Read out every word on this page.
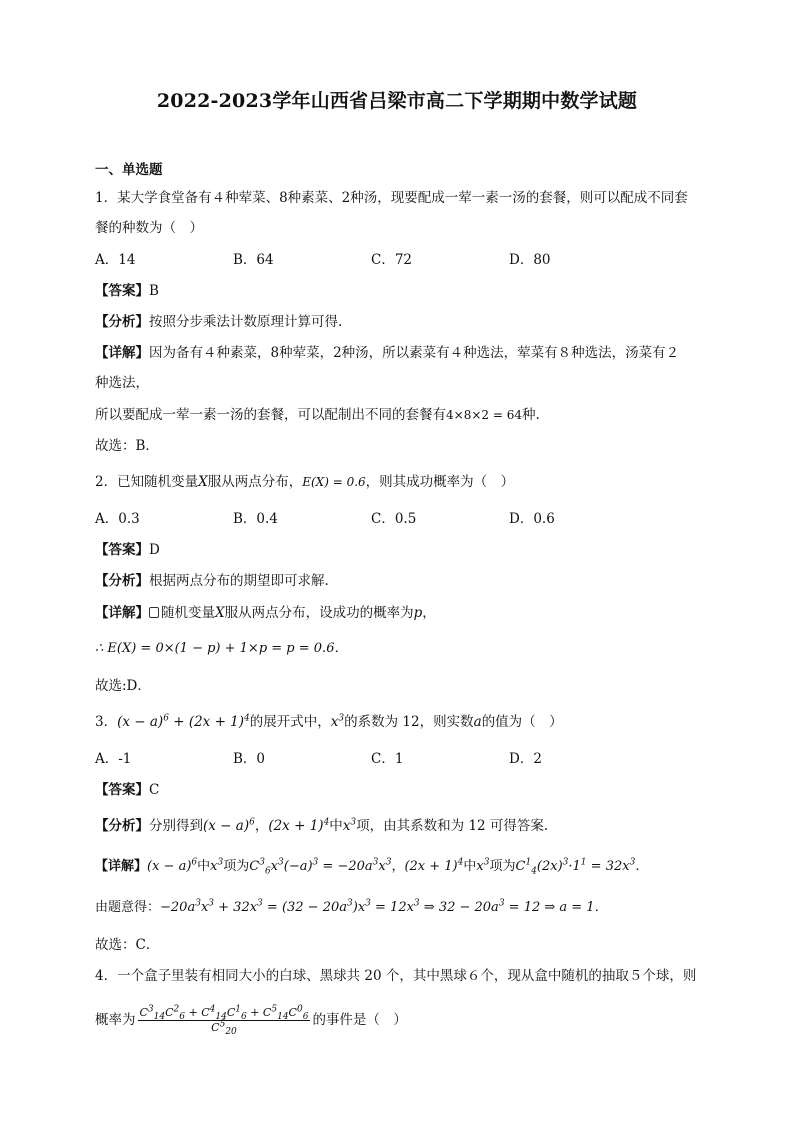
2022-2023学年山西省吕梁市高二下学期期中数学试题
一、单选题
1．某大学食堂备有４种荤菜、8种素菜、2种汤，现要配成一荤一素一汤的套餐，则可以配成不同套
餐的种数为（　）
A．14	B．64	C．72	D．80
【答案】B
【分析】按照分步乘法计数原理计算可得.
【详解】因为备有４种素菜，8种荤菜，2种汤，所以素菜有４种选法，荤菜有８种选法，汤菜有２
种选法，
所以要配成一荤一素一汤的套餐，可以配制出不同的套餐有4×8×2 = 64种.
故选：B．
2．已知随机变量X服从两点分布，E(X) = 0.6，则其成功概率为（　）
A．0.3	B．0.4	C．0.5	D．0.6
【答案】D
【分析】根据两点分布的期望即可求解.
【详解】 随机变量X服从两点分布，设成功的概率为p，
∴ E(X) = 0×(1 − p) + 1×p = p = 0.6．
故选:D．
3．$(x - a)^6 + (2x + 1)^4$的展开式中，$x^3$的系数为 12，则实数a的值为（　）
A．-1	B．0	C．1	D．2
【答案】C
【分析】分别得到$(x - a)^6$，$(2x + 1)^4$中$x^3$项，由其系数和为 12 可得答案.
【详解】$(x - a)^6$中$x^3$项为$C^3_6x^3(-a)^3 = -20a^3x^3$，$(2x + 1)^4$中$x^3$项为$C^1_4(2x)^3\cdot 1^1 = 32x^3$．
由题意得：$-20a^3x^3 + 32x^3 = (32 - 20a^3)x^3 = 12x^3$ ⇒ $32 - 20a^3 = 12$ ⇒ a = 1．
故选：C．
4．一个盒子里装有相同大小的白球、黑球共 20 个，其中黑球６个，现从盒中随机的抽取５个球，则
概率为 $\frac{C^3_{14}C^2_6 + C^4_{14}C^1_6 + C^5_{14}C^0_6}{C^5_{20}}$ 的事件是（　）
